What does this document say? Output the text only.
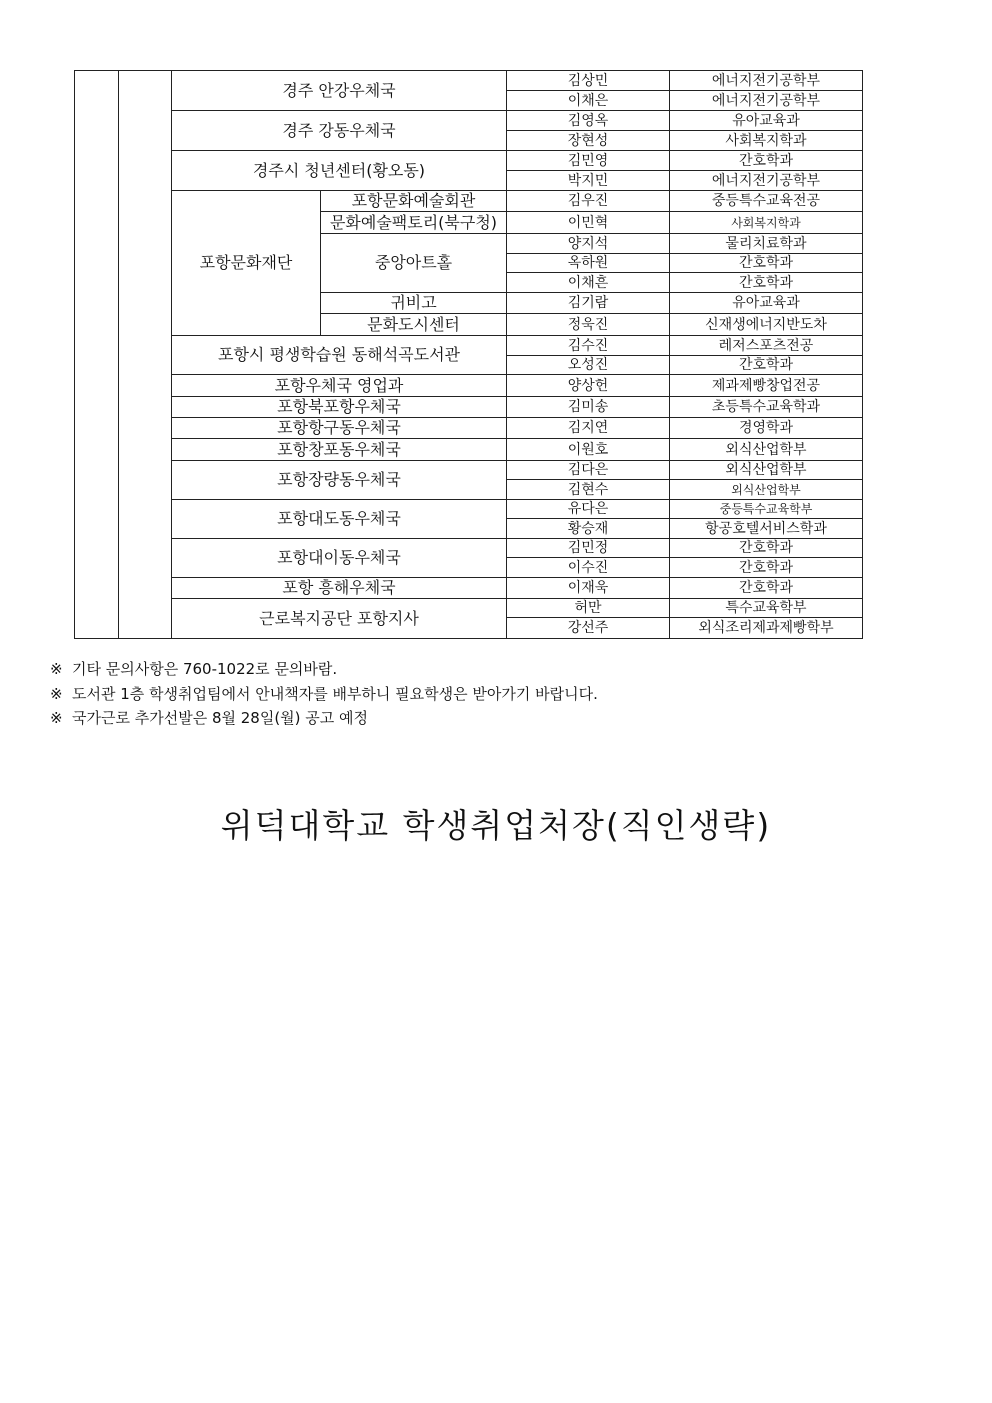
		경주 안강우체국		김상민	에너지전기공학부
				이채은	에너지전기공학부
		경주 강동우체국		김영옥	유아교육과
				장현성	사회복지학과
		경주시 청년센터(황오동)		김민영	간호학과
				박지민	에너지전기공학부
		포항문화재단	포항문화예술회관	김우진	중등특수교육전공
			문화예술팩토리(북구청)	이민혁	사회복지학과
			중앙아트홀	양지석	물리치료학과
				옥하원	간호학과
				이채흔	간호학과
			귀비고	김기람	유아교육과
			문화도시센터	정욱진	신재생에너지반도차
		포항시 평생학습원 동해석곡도서관		김수진	레저스포츠전공
				오성진	간호학과
		포항우체국 영업과		양상헌	제과제빵창업전공
		포항북포항우체국		김미송	초등특수교육학과
		포항항구동우체국		김지연	경영학과
		포항창포동우체국		이원호	외식산업학부
		포항장량동우체국		김다은	외식산업학부
				김현수	외식산업학부
		포항대도동우체국		유다은	중등특수교육학부
				황승재	항공호텔서비스학과
		포항대이동우체국		김민정	간호학과
				이수진	간호학과
		포항 흥해우체국		이재욱	간호학과
		근로복지공단 포항지사		허만	특수교육학부
				강선주	외식조리제과제빵학부
※ 기타 문의사항은 760-1022로 문의바람.
※ 도서관 1층 학생취업팀에서 안내책자를 배부하니 필요학생은 받아가기 바랍니다.
※ 국가근로 추가선발은 8월 28일(월) 공고 예정
위덕대학교 학생취업처장(직인생략)
